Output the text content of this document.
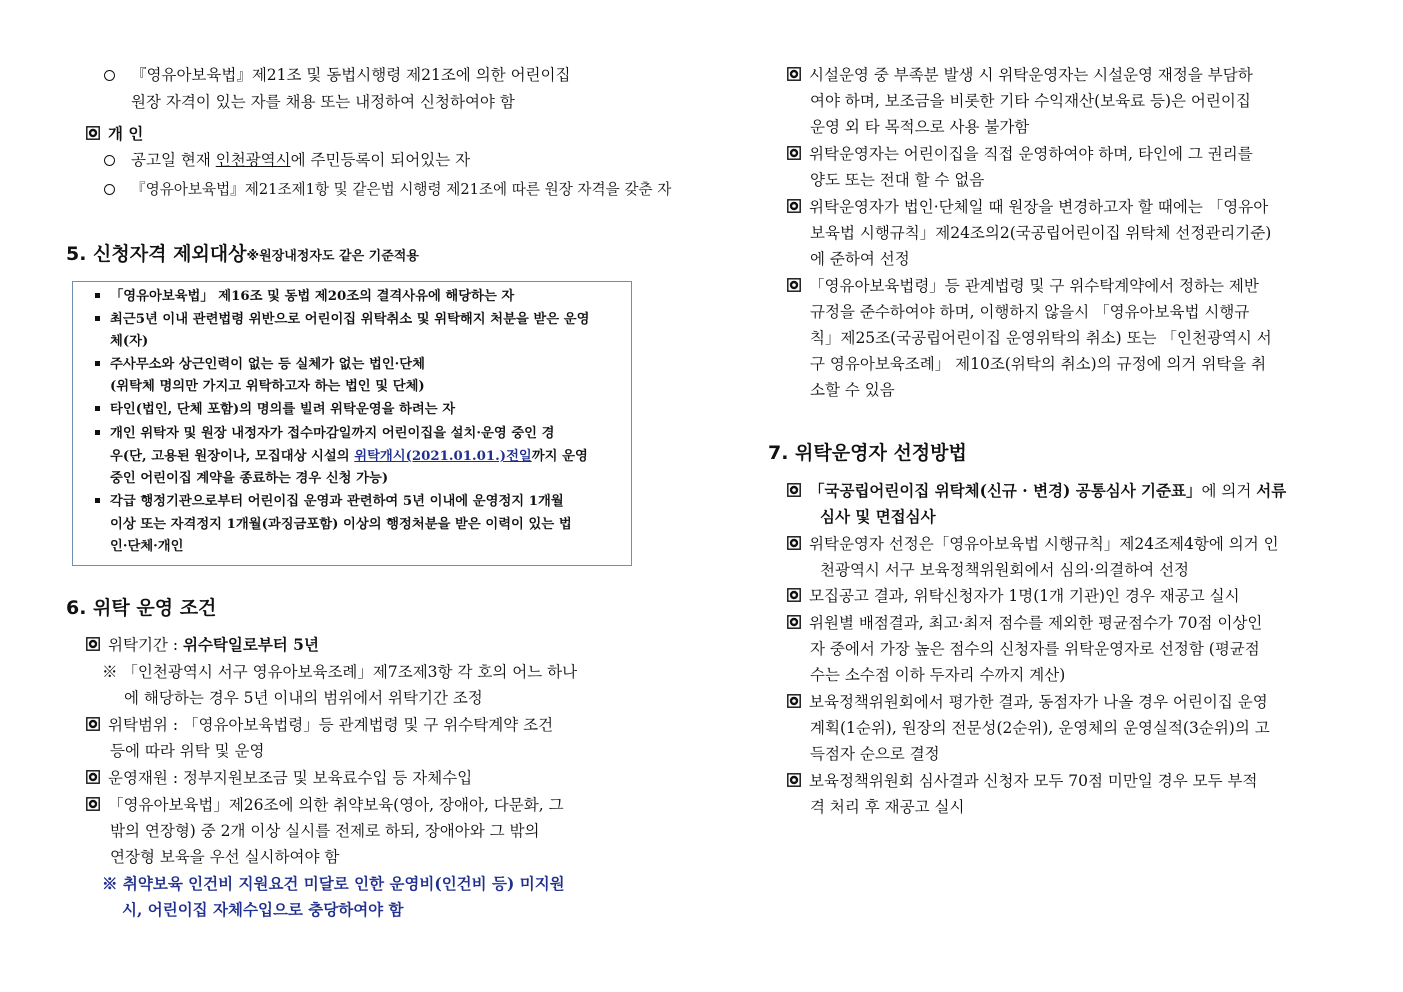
『영유아보육법』제21조 및 동법시행령 제21조에 의한 어린이집
원장 자격이 있는 자를 채용 또는 내정하여 신청하여야 함
개 인
공고일 현재 인천광역시에 주민등록이 되어있는 자
『영유아보육법』제21조제1항 및 같은법 시행령 제21조에 따른 원장 자격을 갖춘 자
5. 신청자격 제외대상※원장내정자도 같은 기준적용
「영유아보육법」 제16조 및 동법 제20조의 결격사유에 해당하는 자
최근5년 이내 관련법령 위반으로 어린이집 위탁취소 및 위탁해지 처분을 받은 운영
체(자)
주사무소와 상근인력이 없는 등 실체가 없는 법인·단체
(위탁체 명의만 가지고 위탁하고자 하는 법인 및 단체)
타인(법인, 단체 포함)의 명의를 빌려 위탁운영을 하려는 자
개인 위탁자 및 원장 내정자가 접수마감일까지 어린이집을 설치·운영 중인 경
우(단, 고용된 원장이나, 모집대상 시설의 위탁개시(2021.01.01.)전일까지 운영
중인 어린이집 계약을 종료하는 경우 신청 가능)
각급 행정기관으로부터 어린이집 운영과 관련하여 5년 이내에 운영정지 1개월
이상 또는 자격정지 1개월(과징금포함) 이상의 행정처분을 받은 이력이 있는 법
인·단체·개인
6. 위탁 운영 조건
위탁기간 : 위수탁일로부터 5년
※ 「인천광역시 서구 영유아보육조례」제7조제3항 각 호의 어느 하나
에 해당하는 경우 5년 이내의 범위에서 위탁기간 조정
위탁범위 : 「영유아보육법령」등 관계법령 및 구 위수탁계약 조건
등에 따라 위탁 및 운영
운영재원 : 정부지원보조금 및 보육료수입 등 자체수입
「영유아보육법」제26조에 의한 취약보육(영아, 장애아, 다문화, 그
밖의 연장형) 중 2개 이상 실시를 전제로 하되, 장애아와 그 밖의
연장형 보육을 우선 실시하여야 함
※ 취약보육 인건비 지원요건 미달로 인한 운영비(인건비 등) 미지원
시, 어린이집 자체수입으로 충당하여야 함
시설운영 중 부족분 발생 시 위탁운영자는 시설운영 재정을 부담하
여야 하며, 보조금을 비롯한 기타 수익재산(보육료 등)은 어린이집
운영 외 타 목적으로 사용 불가함
위탁운영자는 어린이집을 직접 운영하여야 하며, 타인에 그 권리를
양도 또는 전대 할 수 없음
위탁운영자가 법인·단체일 때 원장을 변경하고자 할 때에는 「영유아
보육법 시행규칙」제24조의2(국공립어린이집 위탁체 선정관리기준)
에 준하여 선정
「영유아보육법령」등 관계법령 및 구 위수탁계약에서 정하는 제반
규정을 준수하여야 하며, 이행하지 않을시 「영유아보육법 시행규
칙」제25조(국공립어린이집 운영위탁의 취소) 또는 「인천광역시 서
구 영유아보육조례」 제10조(위탁의 취소)의 규정에 의거 위탁을 취
소할 수 있음
7. 위탁운영자 선정방법
「국공립어린이집 위탁체(신규 · 변경) 공통심사 기준표」에 의거 서류
심사 및 면접심사
위탁운영자 선정은「영유아보육법 시행규칙」제24조제4항에 의거 인
천광역시 서구 보육정책위원회에서 심의·의결하여 선정
모집공고 결과, 위탁신청자가 1명(1개 기관)인 경우 재공고 실시
위원별 배점결과, 최고·최저 점수를 제외한 평균점수가 70점 이상인
자 중에서 가장 높은 점수의 신청자를 위탁운영자로 선정함 (평균점
수는 소수점 이하 두자리 수까지 계산)
보육정책위원회에서 평가한 결과, 동점자가 나올 경우 어린이집 운영
계획(1순위), 원장의 전문성(2순위), 운영체의 운영실적(3순위)의 고
득점자 순으로 결정
보육정책위원회 심사결과 신청자 모두 70점 미만일 경우 모두 부적
격 처리 후 재공고 실시
